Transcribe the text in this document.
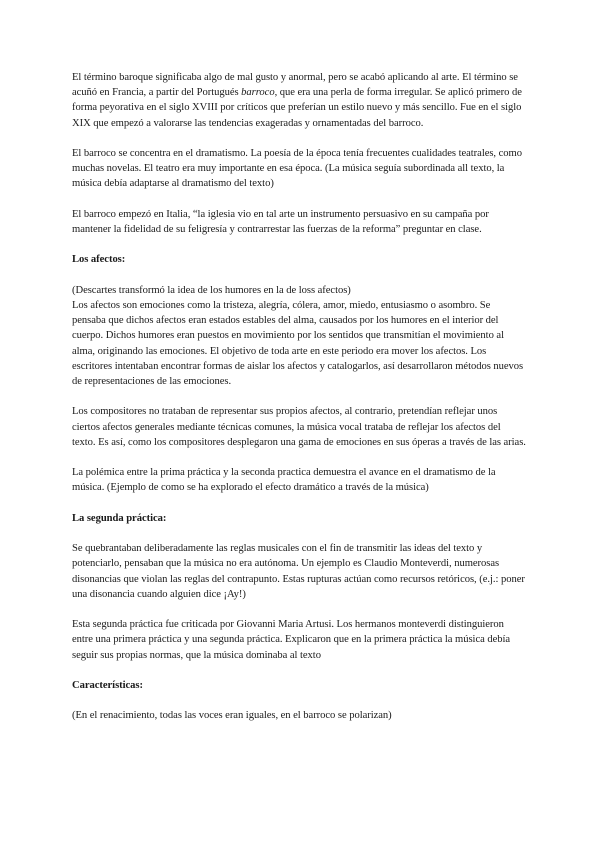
El término baroque significaba algo de mal gusto y anormal, pero se acabó aplicando al arte. El término se acuñó en Francia, a partir del Portugués barroco, que era una perla de forma irregular. Se aplicó primero de forma peyorativa en el siglo XVIII por críticos que preferían un estilo nuevo y más sencillo. Fue en el siglo XIX que empezó a valorarse las tendencias exageradas y ornamentadas del barroco.

El barroco se concentra en el dramatismo. La poesía de la época tenía frecuentes cualidades teatrales, como muchas novelas. El teatro era muy importante en esa época. (La música seguía subordinada all texto, la música debía adaptarse al dramatismo del texto)

El barroco empezó en Italia, “la iglesia vio en tal arte un instrumento persuasivo en su campaña por mantener la fidelidad de su feligresía y contrarrestar las fuerzas de la reforma” preguntar en clase.

Los afectos:

(Descartes transformó la idea de los humores en la de loss afectos)

Los afectos son emociones como la tristeza, alegría, cólera, amor, miedo, entusiasmo o asombro. Se pensaba que dichos afectos eran estados estables del alma, causados por los humores en el interior del cuerpo. Dichos humores eran puestos en movimiento por los sentidos que transmitían el movimiento al alma, originando las emociones. El objetivo de toda arte en este periodo era mover los afectos. Los escritores intentaban encontrar formas de aislar los afectos y catalogarlos, así desarrollaron métodos nuevos de representaciones de las emociones.

Los compositores no trataban de representar sus propios afectos, al contrario, pretendían reflejar unos ciertos afectos generales mediante técnicas comunes, la música vocal trataba de reflejar los afectos del texto. Es así, como los compositores desplegaron una gama de emociones en sus óperas a través de las arias.

La polémica entre la prima práctica y la seconda practica demuestra el avance en el dramatismo de la música. (Ejemplo de como se ha explorado el efecto dramático a través de la música)

La segunda práctica:

Se quebrantaban deliberadamente las reglas musicales con el fin de transmitir las ideas del texto y potenciarlo, pensaban que la música no era autónoma. Un ejemplo es Claudio Monteverdi, numerosas disonancias que violan las reglas del contrapunto. Estas rupturas actúan como recursos retóricos, (e.j.: poner una disonancia cuando alguien dice ¡Ay!)

Esta segunda práctica fue criticada por Giovanni Maria Artusi. Los hermanos monteverdi distinguieron entre una primera práctica y una segunda práctica. Explicaron que en la primera práctica la música debía seguir sus propias normas, que la música dominaba al texto

Características:

(En el renacimiento, todas las voces eran iguales, en el barroco se polarizan)
